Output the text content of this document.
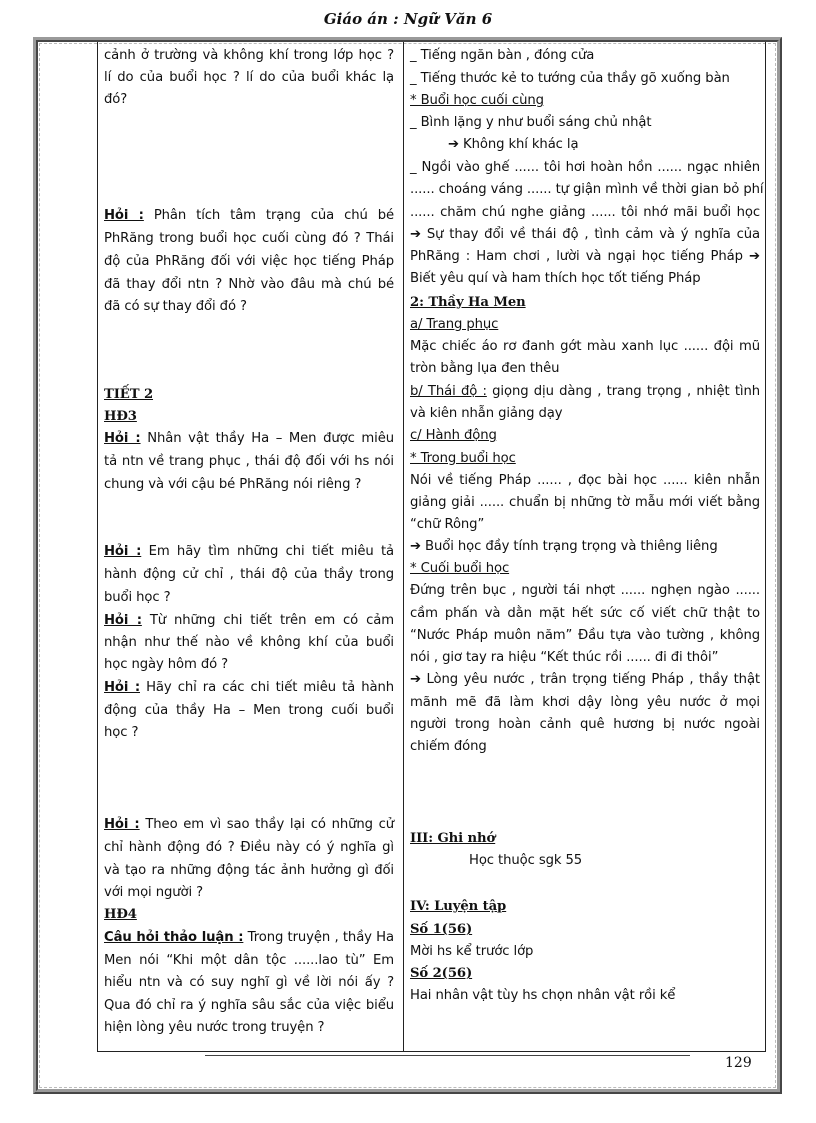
Giáo án : Ngữ Văn 6
cảnh ở trường và không khí trong lớp học ?
lí do của buổi học ? lí do của buổi khác lạ
đó?
Hỏi : Phân tích tâm trạng của chú bé
PhRăng trong buổi học cuối cùng đó ? Thái
độ của PhRăng đối với việc học tiếng Pháp
đã thay đổi ntn ? Nhờ vào đâu mà chú bé
đã có sự thay đổi đó ?
TIẾT 2
HĐ3
Hỏi : Nhân vật thầy Ha – Men được miêu
tả ntn về trang phục , thái độ đối với hs nói
chung và với cậu bé PhRăng nói riêng ?
Hỏi : Em hãy tìm những chi tiết miêu tả
hành động cử chỉ , thái độ của thầy trong
buổi học ?
Hỏi : Từ những chi tiết trên em có cảm
nhận như thế nào về không khí của buổi
học ngày hôm đó ?
Hỏi : Hãy chỉ ra các chi tiết miêu tả hành
động của thầy Ha – Men trong cuối buổi
học ?
Hỏi : Theo em vì sao thầy lại có những cử
chỉ hành động đó ? Điều này có ý nghĩa gì
và tạo ra những động tác ảnh hưởng gì đối
với mọi người ?
HĐ4
Câu hỏi thảo luận : Trong truyện , thầy Ha
Men nói “Khi một dân tộc ......lao tù” Em
hiểu ntn và có suy nghĩ gì về lời nói ấy ?
Qua đó chỉ ra ý nghĩa sâu sắc của việc biểu
hiện lòng yêu nước trong truyện ?
_ Tiếng ngăn bàn , đóng cửa
_ Tiếng thước kẻ to tướng của thầy gõ xuống bàn
* Buổi học cuối cùng
_ Bình lặng y như buổi sáng chủ nhật
➔ Không khí khác lạ
_ Ngồi vào ghế ...... tôi hơi hoàn hồn ...... ngạc nhiên
...... choáng váng ...... tự giận mình về thời gian bỏ phí
...... chăm chú nghe giảng ...... tôi nhớ mãi buổi học
➔ Sự thay đổi về thái độ , tình cảm và ý nghĩa của
PhRăng : Ham chơi , lười và ngại học tiếng Pháp ➔
Biết yêu quí và ham thích học tốt tiếng Pháp
2: Thầy Ha Men
a/ Trang phục
Mặc chiếc áo rơ đanh gớt màu xanh lục ...... đội mũ
tròn bằng lụa đen thêu
b/ Thái độ : giọng dịu dàng , trang trọng , nhiệt tình
và kiên nhẫn giảng dạy
c/ Hành động
* Trong buổi học
Nói về tiếng Pháp ...... , đọc bài học ...... kiên nhẫn
giảng giải ...... chuẩn bị những tờ mẫu mới viết bằng
“chữ Rông”
➔ Buổi học đầy tính trạng trọng và thiêng liêng
* Cuối buổi học
Đứng trên bục , người tái nhợt ...... nghẹn ngào ......
cầm phấn và dằn mặt hết sức cố viết chữ thật to
“Nước Pháp muôn năm” Đầu tựa vào tường , không
nói , giơ tay ra hiệu “Kết thúc rồi ...... đi đi thôi”
➔ Lòng yêu nước , trân trọng tiếng Pháp , thầy thật
mãnh mẽ đã làm khơi dậy lòng yêu nước ở mọi
người trong hoàn cảnh quê hương bị nước ngoài
chiếm đóng
III: Ghi nhớ
Học thuộc sgk 55
IV: Luyện tập
Số 1(56)
Mời hs kể trước lớp
Số 2(56)
Hai nhân vật tùy hs chọn nhân vật rồi kể
129
